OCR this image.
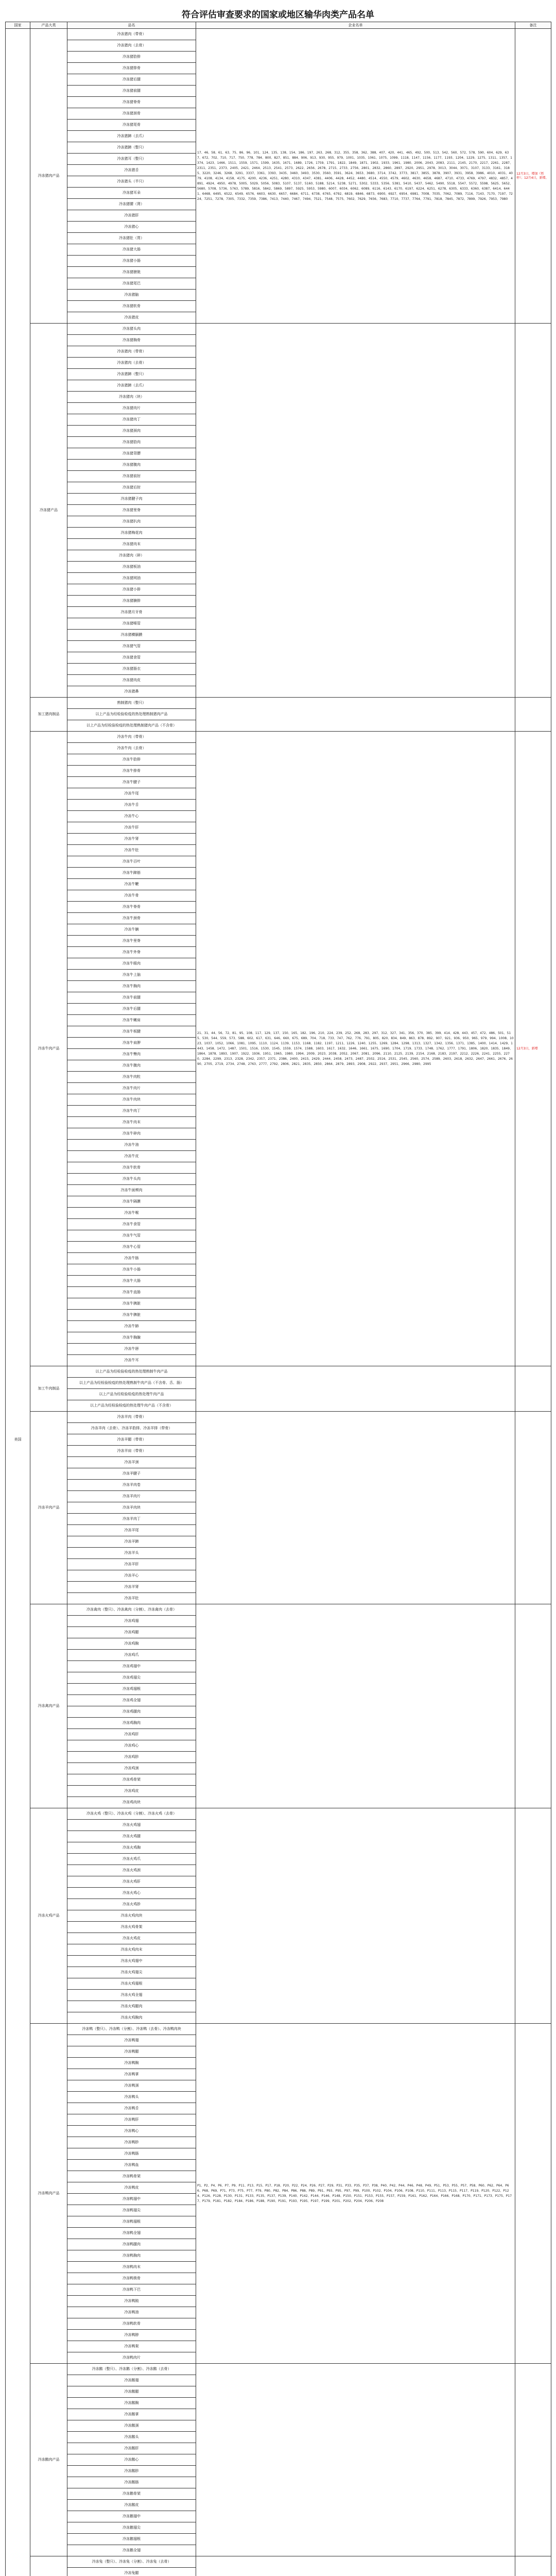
符合评估审查要求的国家或地区输华肉类产品名单
国家	产品大类	品名	企业名单	备注
美国	冷冻猪肉产品	冷冻猪肉（带骨）	17、46、58、61、63、75、86、96、101、124、135、138、154、186、197、263、268、312、355、358、362、388、407、420、441、465、492、500、513、542、560、572、578、590、604、629、637、672、702、710、717、750、778、784、800、827、851、884、906、913、930、955、979、1001、1035、1061、1075、1099、1118、1147、1156、1177、1193、1204、1229、1275、1311、1357、1374、1423、1466、1511、1559、1571、1599、1635、1671、1689、1726、1759、1791、1822、1849、1871、1902、1933、1961、1980、2006、2043、2083、2111、2145、2170、2217、2261、2287、2311、2351、2373、2405、2421、2464、2513、2541、2573、2622、2656、2678、2715、2733、2756、2801、2832、2860、2897、2920、2951、2978、3013、3044、3071、3107、3133、3161、3185、3220、3246、3268、3291、3337、3361、3393、3435、3460、3493、3530、3560、3591、3624、3653、3680、3714、3742、3773、3817、3855、3878、3907、3931、3958、3986、4010、4031、4079、4108、4134、4158、4175、4200、4236、4251、4280、4310、4347、4381、4406、4428、4452、4480、4514、4550、4579、4602、4630、4658、4687、4710、4733、4769、4797、4832、4857、4891、4924、4950、4978、5005、5029、5056、5083、5107、5137、5160、5188、5214、5238、5271、5302、5333、5356、5381、5410、5437、5462、5490、5518、5547、5572、5598、5625、5652、5680、5708、5736、5763、5789、5816、5842、5869、5897、5925、5953、5980、6007、6034、6062、6089、6116、6143、6170、6197、6224、6251、6278、6305、6333、6360、6387、6414、6441、6468、6495、6522、6549、6576、6603、6630、6657、6684、6711、6738、6765、6792、6819、6846、6873、6900、6927、6954、6981、7008、7035、7062、7089、7116、7143、7170、7197、7224、7251、7278、7305、7332、7359、7386、7413、7440、7467、7494、7521、7548、7575、7602、7629、7656、7683、7710、7737、7764、7791、7818、7845、7872、7899、7926、7953、7980	12月3日，增加（暂停）；12月4日，新增。
		冷冻猪肉（去骨）		
		冷冻猪肋排		
		冷冻猪排骨		
		冷冻猪后腿		
		冷冻猪前腿		
		冷冻猪脊骨		
		冷冻猪颈骨		
		冷冻猪尾骨		
		冷冻猪蹄（去爪）		
		冷冻猪蹄（整只）		
		冷冻猪耳（整只）		
		冷冻猪舌		
		冷冻猪头（半只）		
		冷冻猪耳朵		
		冷冻猪腰（肾）		
		冷冻猪肝		
		冷冻猪心		
		冷冻猪肚（胃）		
		冷冻猪大肠		
		冷冻猪小肠		
		冷冻猪膀胱		
		冷冻猪尾巴		
		冷冻猪脑		
		冷冻猪软骨		
		冷冻猪皮		
	冷冻猪产品	冷冻猪头肉		
		冷冻猪胸骨		
		冷冻猪肉（带骨）		
		冷冻猪肉（去骨）		
		冷冻猪蹄（整只）		
		冷冻猪蹄（去爪）		
		冷冻猪肉（块）		
		冷冻猪肉片		
		冷冻猪肉丁		
		冷冻猪颈肉		
		冷冻猪肋肉		
		冷冻猪背膘		
		冷冻猪腹肉		
		冷冻猪前肘		
		冷冻猪后肘		
		冷冻猪腱子肉		
		冷冻猪里脊		
		冷冻猪扒肉		
		冷冻猪梅花肉		
		冷冻猪肉末		
		冷冻猪肉（碎）		
		冷冻猪板油		
		冷冻猪网油		
		冷冻猪小排		
		冷冻猪腩排		
		冷冻猪月牙骨		
		冷冻猪喉管		
		冷冻猪横膈膜		
		冷冻猪气管		
		冷冻猪食管		
		冷冻猪肠衣		
		冷冻猪肉皮		
		冷冻猪鼻		
	加工猪肉制品	熟制猪肉（整只）		
		以上产品为经检验检疫的热处理熟制猪肉产品		
		以上产品为经检验检疫的热处理熟制猪肉产品（不含骨）		
	冷冻牛肉产品	冷冻牛肉（带骨）	21、31、44、56、72、81、95、108、117、129、137、150、165、182、196、210、224、239、252、268、283、297、312、327、341、356、370、385、399、414、428、443、457、472、486、501、515、530、544、559、573、588、602、617、631、646、660、675、689、704、718、733、747、762、776、791、805、820、834、849、863、878、892、907、921、936、950、965、979、994、1008、1023、1037、1052、1066、1081、1095、1110、1124、1139、1153、1168、1182、1197、1211、1226、1240、1255、1269、1284、1298、1313、1327、1342、1356、1371、1385、1400、1414、1429、1443、1458、1472、1487、1501、1516、1530、1545、1559、1574、1588、1603、1617、1632、1646、1661、1675、1690、1704、1719、1733、1748、1762、1777、1791、1806、1820、1835、1849、1864、1878、1893、1907、1922、1936、1951、1965、1980、1994、2009、2023、2038、2052、2067、2081、2096、2110、2125、2139、2154、2168、2183、2197、2212、2226、2241、2255、2270、2284、2299、2313、2328、2342、2357、2371、2386、2400、2415、2429、2444、2458、2473、2487、2502、2516、2531、2545、2560、2574、2589、2603、2618、2632、2647、2661、2676、2690、2705、2719、2734、2748、2763、2777、2792、2806、2821、2835、2850、2864、2879、2893、2908、2922、2937、2951、2966、2980、2995	12月3日，新增
		冷冻牛肉（去骨）		
		冷冻牛肋排		
		冷冻牛排骨		
		冷冻牛腱子		
		冷冻牛尾		
		冷冻牛舌		
		冷冻牛心		
		冷冻牛肝		
		冷冻牛肾		
		冷冻牛肚		
		冷冻牛百叶		
		冷冻牛蹄筋		
		冷冻牛鞭		
		冷冻牛骨		
		冷冻牛脊骨		
		冷冻牛颈骨		
		冷冻牛腩		
		冷冻牛里脊		
		冷冻牛外脊		
		冷冻牛眼肉		
		冷冻牛上脑		
		冷冻牛胸肉		
		冷冻牛前腿		
		冷冻牛后腿		
		冷冻牛嫩肩		
		冷冻牛板腱		
		冷冻牛肩胛		
		冷冻牛臀肉		
		冷冻牛腹肉		
		冷冻牛肉粒		
		冷冻牛肉片		
		冷冻牛肉块		
		冷冻牛肉丁		
		冷冻牛肉末		
		冷冻牛碎肉		
		冷冻牛油		
		冷冻牛皮		
		冷冻牛软骨		
		冷冻牛头肉		
		冷冻牛面颊肉		
		冷冻牛隔膜		
		冷冻牛喉		
		冷冻牛食管		
		冷冻牛气管		
		冷冻牛心管		
		冷冻牛肠		
		冷冻牛小肠		
		冷冻牛大肠		
		冷冻牛直肠		
		冷冻牛胰脏		
		冷冻牛脾脏		
		冷冻牛肺		
		冷冻牛胸腺		
		冷冻牛唇		
		冷冻牛耳		
	加工牛肉制品	以上产品为经检验检疫的热处理熟制牛肉产品		
		以上产品为经检验检疫的热处理熟制牛肉产品（不含骨、舌、肠）		
		以上产品为经检验检疫的热处理牛肉产品		
		以上产品为经检验检疫的热处理牛肉产品（不含骨）		
	冷冻羊肉产品	冷冻羊肉（带骨）		
		冷冻羊肉（去骨）、冷冻羊肋排、冷冻羊排（带骨）		
		冷冻羊腿（带骨）		
		冷冻羊肩（带骨）		
		冷冻羊颈		
		冷冻羊腱子		
		冷冻羊肉卷		
		冷冻羊肉片		
		冷冻羊肉块		
		冷冻羊肉丁		
		冷冻羊尾		
		冷冻羊蹄		
		冷冻羊头		
		冷冻羊肝		
		冷冻羊心		
		冷冻羊肾		
		冷冻羊肚		
	冷冻禽肉产品	冷冻禽肉（整只）、冷冻禽肉（分割）、冷冻禽肉（去骨）		
		冷冻鸡翅		
		冷冻鸡腿		
		冷冻鸡胸		
		冷冻鸡爪		
		冷冻鸡翅中		
		冷冻鸡翅尖		
		冷冻鸡翅根		
		冷冻鸡全翅		
		冷冻鸡腿肉		
		冷冻鸡胸肉		
		冷冻鸡肝		
		冷冻鸡心		
		冷冻鸡胗		
		冷冻鸡颈		
		冷冻鸡骨架		
		冷冻鸡皮		
		冷冻鸡肉块		
	冷冻火鸡产品	冷冻火鸡（整只）、冷冻火鸡（分割）、冷冻火鸡（去骨）		
		冷冻火鸡翅		
		冷冻火鸡腿		
		冷冻火鸡胸		
		冷冻火鸡爪		
		冷冻火鸡颈		
		冷冻火鸡肝		
		冷冻火鸡心		
		冷冻火鸡胗		
		冷冻火鸡肉块		
		冷冻火鸡骨架		
		冷冻火鸡皮		
		冷冻火鸡肉末		
		冷冻火鸡翅中		
		冷冻火鸡翅尖		
		冷冻火鸡翅根		
		冷冻火鸡全翅		
		冷冻火鸡腿肉		
		冷冻火鸡胸肉		
	冷冻鸭肉产品	冷冻鸭（整只）、冷冻鸭（分割）、冷冻鸭（去骨）、冷冻鸭肉块	P1、P2、P4、P6、P7、P9、P11、P13、P15、P17、P18、P20、P22、P24、P26、P27、P29、P31、P33、P35、P37、P38、P40、P42、P44、P46、P48、P49、P51、P53、P55、P57、P58、P60、P62、P64、P66、P68、P69、P71、P73、P75、P77、P79、P80、P82、P84、P86、P88、P89、P91、P93、P95、P97、P99、P100、P102、P104、P106、P108、P110、P111、P113、P115、P117、P119、P120、P122、P124、P126、P128、P130、P131、P133、P135、P137、P139、P140、P142、P144、P146、P148、P150、P151、P153、P155、P157、P159、P161、P162、P164、P166、P168、P170、P171、P173、P175、P177、P179、P181、P182、P184、P186、P188、P190、P191、P193、P195、P197、P199、P201、P202、P204、P206、P208	
		冷冻鸭翅		
		冷冻鸭腿		
		冷冻鸭胸		
		冷冻鸭掌		
		冷冻鸭颈		
		冷冻鸭头		
		冷冻鸭舌		
		冷冻鸭肝		
		冷冻鸭心		
		冷冻鸭胗		
		冷冻鸭肠		
		冷冻鸭血		
		冷冻鸭骨架		
		冷冻鸭皮		
		冷冻鸭翅中		
		冷冻鸭翅尖		
		冷冻鸭翅根		
		冷冻鸭全翅		
		冷冻鸭腿肉		
		冷冻鸭胸肉		
		冷冻鸭肉末		
		冷冻鸭锁骨		
		冷冻鸭下巴		
		冷冻鸭肫		
		冷冻鸭油		
		冷冻鸭软骨		
		冷冻鸭脖		
		冷冻鸭架		
		冷冻鸭肉片		
	冷冻鹅肉产品	冷冻鹅（整只）、冷冻鹅（分割）、冷冻鹅（去骨）		
		冷冻鹅翅		
		冷冻鹅腿		
		冷冻鹅胸		
		冷冻鹅掌		
		冷冻鹅颈		
		冷冻鹅头		
		冷冻鹅肝		
		冷冻鹅心		
		冷冻鹅胗		
		冷冻鹅肠		
		冷冻鹅骨架		
		冷冻鹅皮		
		冷冻鹅翅中		
		冷冻鹅翅尖		
		冷冻鹅翅根		
		冷冻鹅全翅		
	冷冻兔（整只）、冷冻兔（分割）、冷冻兔（去骨）		
		冷冻兔腿		
